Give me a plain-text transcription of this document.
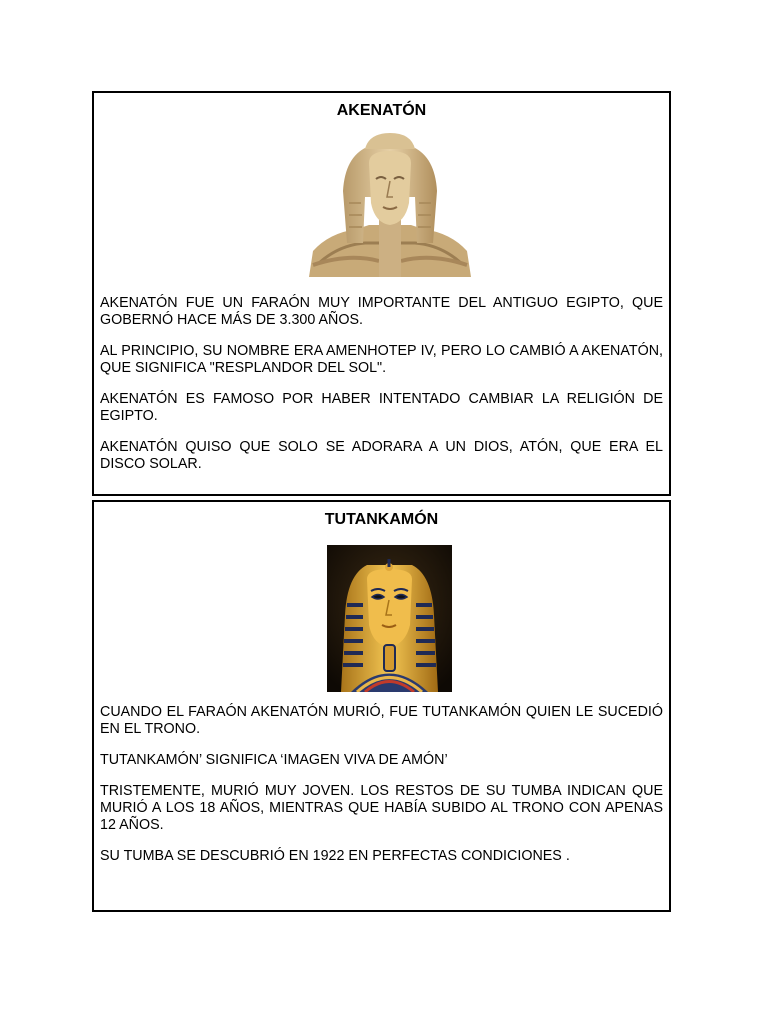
AKENATÓN

AKENATÓN FUE UN FARAÓN MUY IMPORTANTE DEL ANTIGUO EGIPTO, QUE GOBERNÓ HACE MÁS DE 3.300 AÑOS.

AL PRINCIPIO, SU NOMBRE ERA AMENHOTEP IV, PERO LO CAMBIÓ A AKENATÓN, QUE SIGNIFICA "RESPLANDOR DEL SOL".

AKENATÓN ES FAMOSO POR HABER INTENTADO CAMBIAR LA RELIGIÓN DE EGIPTO.

AKENATÓN QUISO QUE SOLO SE ADORARA A UN DIOS, ATÓN, QUE ERA EL DISCO SOLAR.

TUTANKAMÓN

CUANDO EL FARAÓN AKENATÓN MURIÓ, FUE TUTANKAMÓN QUIEN LE SUCEDIÓ EN EL TRONO.

TUTANKAMÓN’ SIGNIFICA ‘IMAGEN VIVA DE AMÓN’

TRISTEMENTE, MURIÓ MUY JOVEN. LOS RESTOS DE SU TUMBA INDICAN QUE MURIÓ A LOS 18 AÑOS, MIENTRAS QUE HABÍA SUBIDO AL TRONO CON APENAS 12 AÑOS.

SU TUMBA SE DESCUBRIÓ EN 1922 EN PERFECTAS CONDICIONES .
